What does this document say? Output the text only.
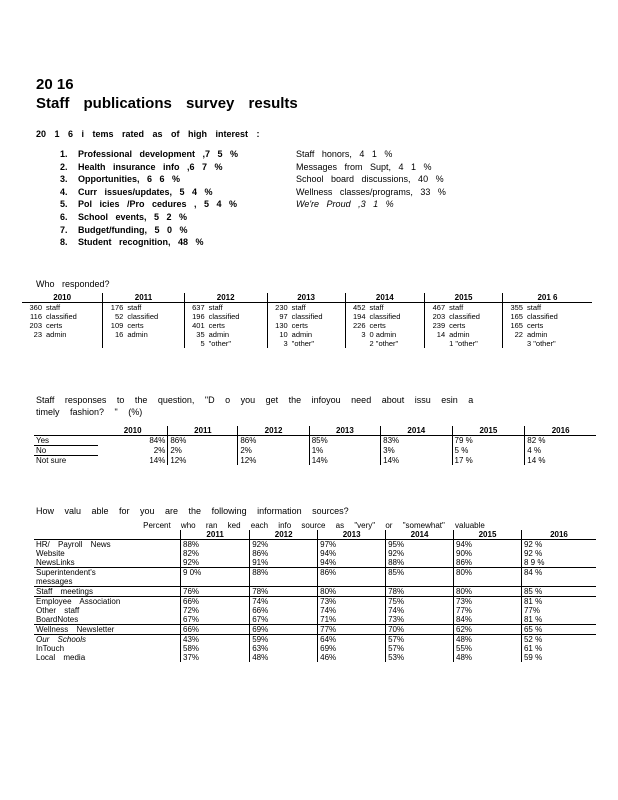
20 16
Staff publications survey results
20 1 6 i tems rated as of high interest :
1. Professional development ,7 5 %
2. Health insurance info ,6 7 %
3. Opportunities, 6 6 %
4. Curr issues/updates, 5 4 %
5. Pol icies /Pro cedures , 5 4 %
6. School events, 5 2 %
7. Budget/funding, 5 0 %
8. Student recognition, 48 %
Staff honors, 4 1 %
Messages from Supt, 4 1 %
School board discussions, 40 %
Wellness classes/programs, 33 %
We're Proud ,3 1 %
Who responded?
2010		2011		2012		2013		2014		2015		201 6	
360	staff	176	staff	637	staff	230	staff	452	staff	467	staff	355	staff
116	classified	52	classified	196	classified	97	classified	194	classified	203	classified	165	classified
203	certs	109	certs	401	certs	130	certs	226	certs	239	certs	165	certs
23	admin	16	admin	35	admin	10	admin	3	0 admin	14	admin	22	admin
				5	"other"	3	"other"		2 "other"		1 "other"		3 "other"
Staff responses to the question, "D o you get the infoyou need about issu esin a
timely fashion? " (%)
	2010	2011	2012	2013	2014	2015	2016
Yes	84%	86%	86%	85%	83%	79 %	82 %
No	2%	2%	2%	1%	3%	5 %	4 %
Not sure	14%	12%	12%	14%	14%	17 %	14 %
How valu able for you are the following information sources?
Percent who ran ked each info source as "very" or "somewhat" valuable						
	2011	2012	2013	2014	2015	2016
HR/ Payroll News	88%	92%	97%	95%	94%	92 %
Website	82%	86%	94%	92%	90%	92 %
NewsLinks	92%	91%	94%	88%	86%	8 9 %
Superintendent's
messages	9 0%	88%	86%	85%	80%	84 %
Staff meetings	76%	78%	80%	78%	80%	85 %
Employee Association	66%	74%	73%	75%	73%	81 %
Other staff	72%	66%	74%	74%	77%	77%
BoardNotes	67%	67%	71%	73%	84%	81 %
Wellness Newsletter	66%	69%	77%	70%	62%	65 %
Our Schools	43%	59%	64%	57%	48%	52 %
InTouch	58%	63%	69%	57%	55%	61 %
Local media	37%	48%	46%	53%	48%	59 %
